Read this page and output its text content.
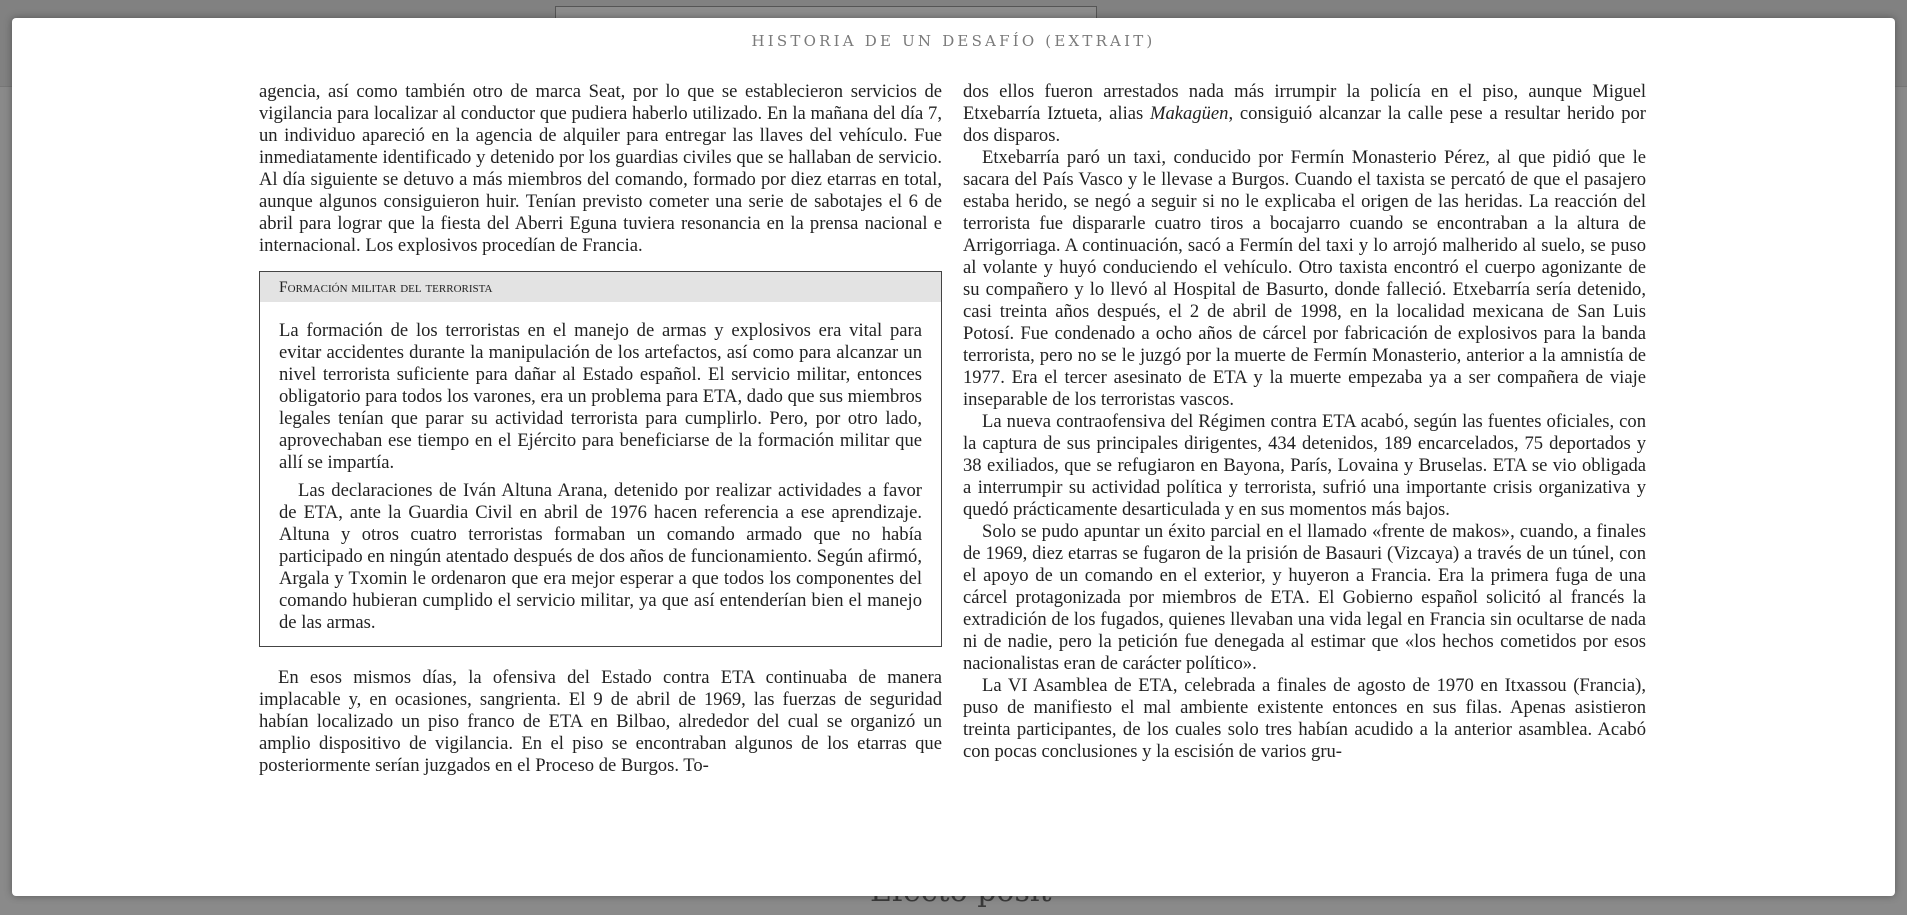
HISTORIA DE UN DESAFÍO (EXTRAIT)

agencia, así como también otro de marca Seat, por lo que se establecieron servicios de vigilancia para localizar al conductor que pudiera haberlo utilizado. En la mañana del día 7, un individuo apareció en la agencia de alquiler para entregar las llaves del vehículo. Fue inmediatamente identificado y detenido por los guardias civiles que se hallaban de servicio. Al día siguiente se detuvo a más miembros del comando, formado por diez etarras en total, aunque algunos consiguieron huir. Tenían previsto cometer una serie de sabotajes el 6 de abril para lograr que la fiesta del Aberri Eguna tuviera resonancia en la prensa nacional e internacional. Los explosivos procedían de Francia.

Formación militar del terrorista

La formación de los terroristas en el manejo de armas y explosivos era vital para evitar accidentes durante la manipulación de los artefactos, así como para alcanzar un nivel terrorista suficiente para dañar al Estado español. El servicio militar, entonces obligatorio para todos los varones, era un problema para ETA, dado que sus miembros legales tenían que parar su actividad terrorista para cumplirlo. Pero, por otro lado, aprovechaban ese tiempo en el Ejército para beneficiarse de la formación militar que allí se impartía.

Las declaraciones de Iván Altuna Arana, detenido por realizar actividades a favor de ETA, ante la Guardia Civil en abril de 1976 hacen referencia a ese aprendizaje. Altuna y otros cuatro terroristas formaban un comando armado que no había participado en ningún atentado después de dos años de funcionamiento. Según afirmó, Argala y Txomin le ordenaron que era mejor esperar a que todos los componentes del comando hubieran cumplido el servicio militar, ya que así entenderían bien el manejo de las armas.

En esos mismos días, la ofensiva del Estado contra ETA continuaba de manera implacable y, en ocasiones, sangrienta. El 9 de abril de 1969, las fuerzas de seguridad habían localizado un piso franco de ETA en Bilbao, alrededor del cual se organizó un amplio dispositivo de vigilancia. En el piso se encontraban algunos de los etarras que posteriormente serían juzgados en el Proceso de Burgos. To-

dos ellos fueron arrestados nada más irrumpir la policía en el piso, aunque Miguel Etxebarría Iztueta, alias Makagüen, consiguió alcanzar la calle pese a resultar herido por dos disparos.

Etxebarría paró un taxi, conducido por Fermín Monasterio Pérez, al que pidió que le sacara del País Vasco y le llevase a Burgos. Cuando el taxista se percató de que el pasajero estaba herido, se negó a seguir si no le explicaba el origen de las heridas. La reacción del terrorista fue dispararle cuatro tiros a bocajarro cuando se encontraban a la altura de Arrigorriaga. A continuación, sacó a Fermín del taxi y lo arrojó malherido al suelo, se puso al volante y huyó conduciendo el vehículo. Otro taxista encontró el cuerpo agonizante de su compañero y lo llevó al Hospital de Basurto, donde falleció. Etxebarría sería detenido, casi treinta años después, el 2 de abril de 1998, en la localidad mexicana de San Luis Potosí. Fue condenado a ocho años de cárcel por fabricación de explosivos para la banda terrorista, pero no se le juzgó por la muerte de Fermín Monasterio, anterior a la amnistía de 1977. Era el tercer asesinato de ETA y la muerte empezaba ya a ser compañera de viaje inseparable de los terroristas vascos.

La nueva contraofensiva del Régimen contra ETA acabó, según las fuentes oficiales, con la captura de sus principales dirigentes, 434 detenidos, 189 encarcelados, 75 deportados y 38 exiliados, que se refugiaron en Bayona, París, Lovaina y Bruselas. ETA se vio obligada a interrumpir su actividad política y terrorista, sufrió una importante crisis organizativa y quedó prácticamente desarticulada y en sus momentos más bajos.

Solo se pudo apuntar un éxito parcial en el llamado «frente de makos», cuando, a finales de 1969, diez etarras se fugaron de la prisión de Basauri (Vizcaya) a través de un túnel, con el apoyo de un comando en el exterior, y huyeron a Francia. Era la primera fuga de una cárcel protagonizada por miembros de ETA. El Gobierno español solicitó al francés la extradición de los fugados, quienes llevaban una vida legal en Francia sin ocultarse de nada ni de nadie, pero la petición fue denegada al estimar que «los hechos cometidos por esos nacionalistas eran de carácter político».

La VI Asamblea de ETA, celebrada a finales de agosto de 1970 en Itxassou (Francia), puso de manifiesto el mal ambiente existente entonces en sus filas. Apenas asistieron treinta participantes, de los cuales solo tres habían acudido a la anterior asamblea. Acabó con pocas conclusiones y la escisión de varios gru-
